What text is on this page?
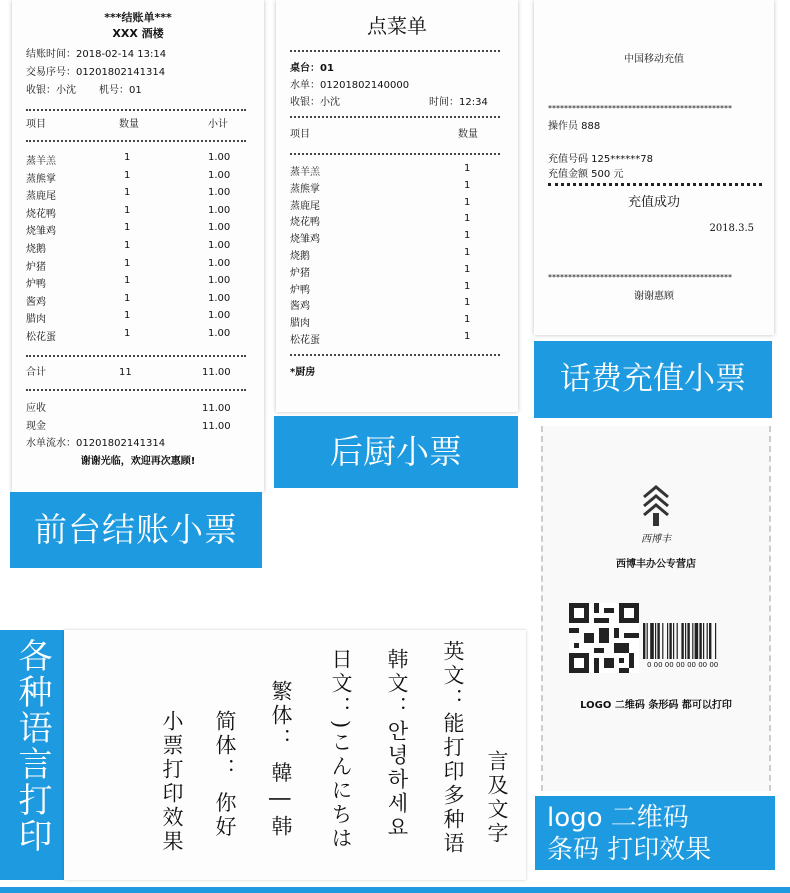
***结账单***
XXX 酒楼
结账时间：2018-02-14 13:14
交易序号：01201802141314
收银：小沈 机号：01
项目	数量	小计
蒸羊羔	1	1.00
蒸熊掌	1	1.00
蒸鹿尾	1	1.00
烧花鸭	1	1.00
烧雏鸡	1	1.00
烧鹅	1	1.00
炉猪	1	1.00
炉鸭	1	1.00
酱鸡	1	1.00
腊肉	1	1.00
松花蛋	1	1.00
合计	11	11.00
应收	11.00
现金	11.00
水单流水：01201802141314
谢谢光临，欢迎再次惠顾!
前台结账小票
点菜单
桌台：01
水单：01201802140000
收银：小沈	时间：12:34
项目	数量
蒸羊羔	1
蒸熊掌	1
蒸鹿尾	1
烧花鸭	1
烧雏鸡	1
烧鹅	1
炉猪	1
炉鸭	1
酱鸡	1
腊肉	1
松花蛋	1
*厨房
后厨小票
中国移动充值
**********************************************
操作员 888
充值号码 125******78
充值金额 500 元
充值成功
2018.3.5
**********************************************
谢谢惠顾
话费充值小票
西博丰
西博丰办公专营店
0 00 00 00 00 00 00
LOGO 二维码 条形码 都可以打印
logo 二维码
条码 打印效果
各种语言打印	小票打印效果 简体： 你好 繁体： 韓 | 韩 日文：)こんにちは 韩文：안녕하세요 英文：能打印多种语 言及文字
